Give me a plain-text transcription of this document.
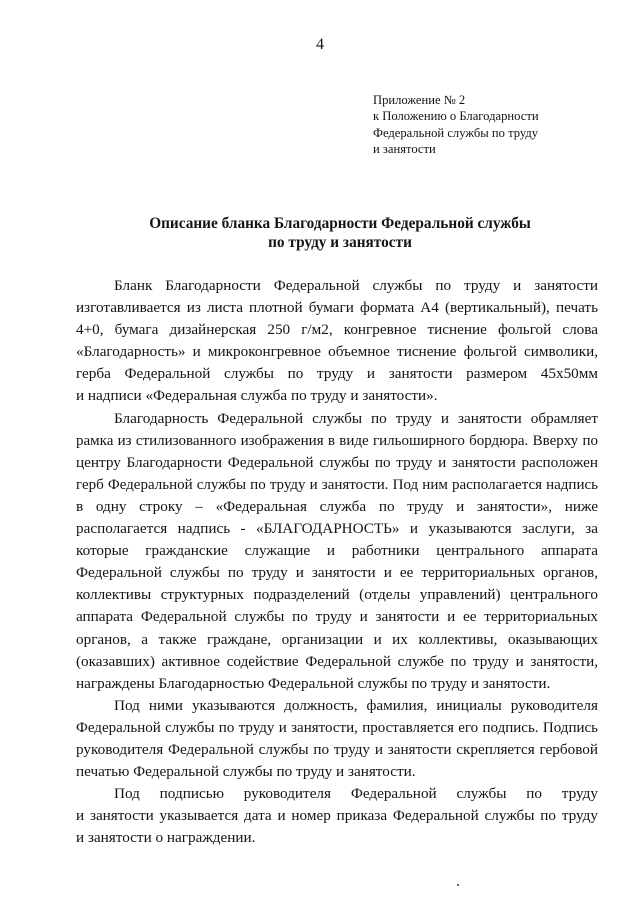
4
Приложение № 2
к Положению о Благодарности
Федеральной службы по труду
и занятости
Описание бланка Благодарности Федеральной службы
по труду и занятости
Бланк Благодарности Федеральной службы по труду и занятости
изготавливается из листа плотной бумаги формата А4 (вертикальный), печать
4+0, бумага дизайнерская 250 г/м2, конгревное тиснение фольгой слова
«Благодарность» и микроконгревное объемное тиснение фольгой символики,
герба Федеральной службы по труду и занятости размером 45x50мм
и надписи «Федеральная служба по труду и занятости».
Благодарность Федеральной службы по труду и занятости обрамляет
рамка из стилизованного изображения в виде гильоширного бордюра. Вверху по
центру Благодарности Федеральной службы по труду и занятости расположен
герб Федеральной службы по труду и занятости. Под ним располагается надпись
в одну строку – «Федеральная служба по труду и занятости», ниже
располагается надпись - «БЛАГОДАРНОСТЬ» и указываются заслуги, за
которые гражданские служащие и работники центрального аппарата
Федеральной службы по труду и занятости и ее территориальных органов,
коллективы структурных подразделений (отделы управлений) центрального
аппарата Федеральной службы по труду и занятости и ее территориальных
органов, а также граждане, организации и их коллективы, оказывающих
(оказавших) активное содействие Федеральной службе по труду и занятости,
награждены Благодарностью Федеральной службы по труду и занятости.
Под ними указываются должность, фамилия, инициалы руководителя
Федеральной службы по труду и занятости, проставляется его подпись. Подпись
руководителя Федеральной службы по труду и занятости скрепляется гербовой
печатью Федеральной службы по труду и занятости.
Под подписью руководителя Федеральной службы по труду
и занятости указывается дата и номер приказа Федеральной службы по труду
и занятости о награждении.
